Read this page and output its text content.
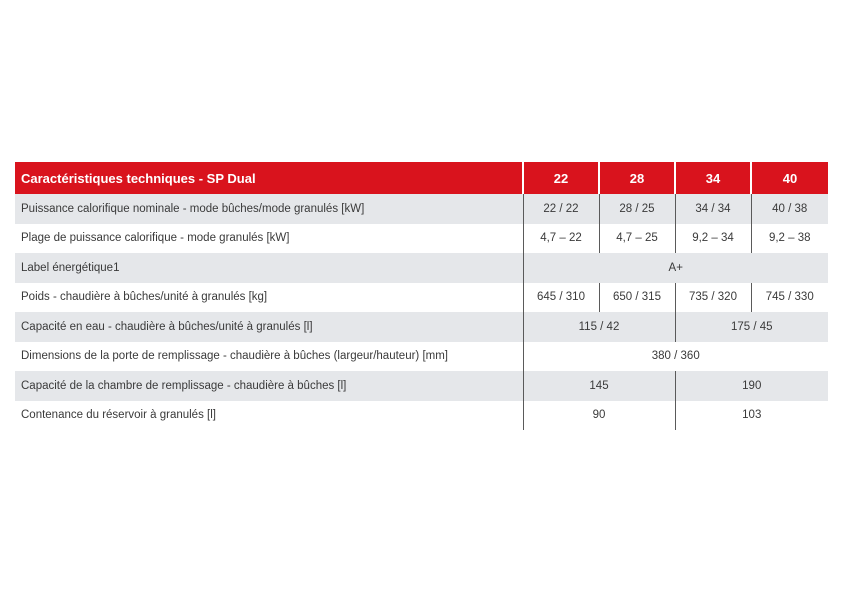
Caractéristiques techniques - SP Dual	22	28	34	40
Puissance calorifique nominale - mode bûches/mode granulés [kW]	22 / 22	28 / 25	34 / 34	40 / 38
Plage de puissance calorifique - mode granulés [kW]	4,7 – 22	4,7 – 25	9,2 – 34	9,2 – 38
Label énergétique1	A+			
Poids - chaudière à bûches/unité à granulés [kg]	645 / 310	650 / 315	735 / 320	745 / 330
Capacité en eau - chaudière à bûches/unité à granulés [l]	115 / 42		175 / 45	
Dimensions de la porte de remplissage - chaudière à bûches (largeur/hauteur) [mm]	380 / 360			
Capacité de la chambre de remplissage - chaudière à bûches [l]	145		190	
Contenance du réservoir à granulés [l]	90		103	
